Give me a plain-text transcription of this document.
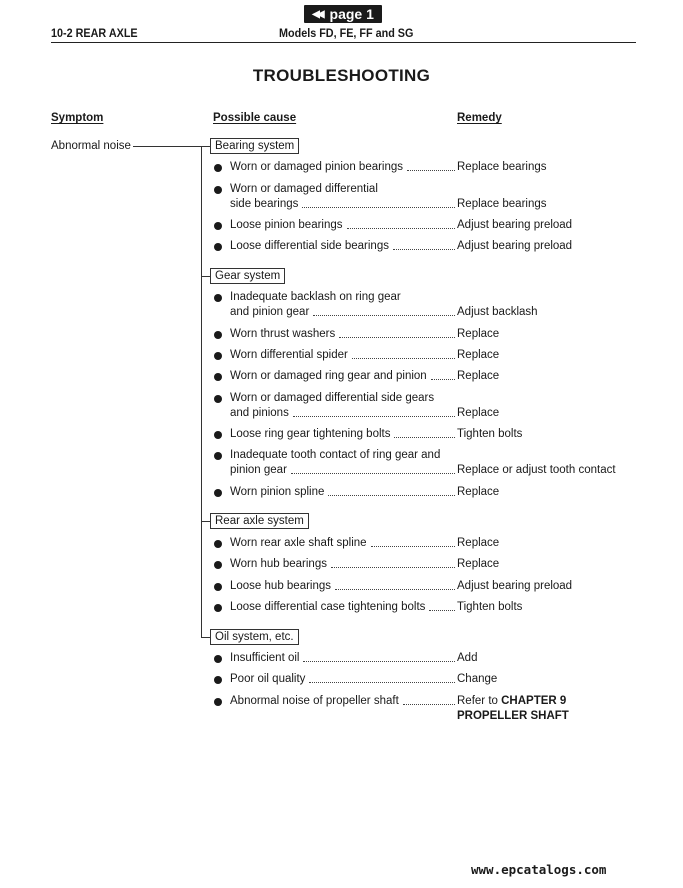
◀◀ page 1
10-2 REAR AXLE	Models FD, FE, FF and SG
TROUBLESHOOTING
Symptom	Possible cause	Remedy
Abnormal noise	Bearing system
Worn or damaged pinion bearings	Replace bearings
Worn or damaged differential
side bearings	Replace bearings
Loose pinion bearings	Adjust bearing preload
Loose differential side bearings	Adjust bearing preload
Gear system
Inadequate backlash on ring gear
and pinion gear	Adjust backlash
Worn thrust washers	Replace
Worn differential spider	Replace
Worn or damaged ring gear and pinion	Replace
Worn or damaged differential side gears
and pinions	Replace
Loose ring gear tightening bolts	Tighten bolts
Inadequate tooth contact of ring gear and
pinion gear	Replace or adjust tooth contact
Worn pinion spline	Replace
Rear axle system
Worn rear axle shaft spline	Replace
Worn hub bearings	Replace
Loose hub bearings	Adjust bearing preload
Loose differential case tightening bolts	Tighten bolts
Oil system, etc.
Insufficient oil	Add
Poor oil quality	Change
Abnormal noise of propeller shaft	Refer to CHAPTER 9
PROPELLER SHAFT
www.epcatalogs.com
